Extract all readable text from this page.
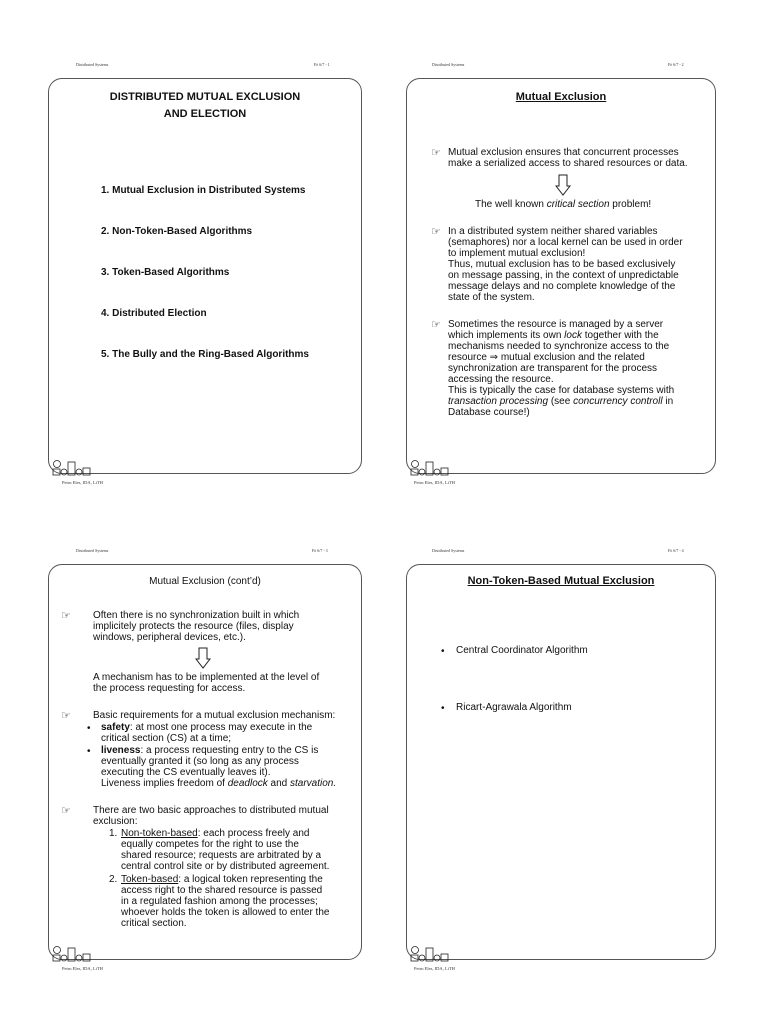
Distributed Systems	Fö 6/7 - 1
DISTRIBUTED MUTUAL EXCLUSION
AND ELECTION
1. Mutual Exclusion in Distributed Systems
2. Non-Token-Based Algorithms
3. Token-Based Algorithms
4. Distributed Election
5. The Bully and the Ring-Based Algorithms
Petru Eles, IDA, LiTH
Distributed Systems	Fö 6/7 - 2
Mutual Exclusion
☞ Mutual exclusion ensures that concurrent processes
make a serialized access to shared resources or data.
The well known critical section problem!
☞ In a distributed system neither shared variables
(semaphores) nor a local kernel can be used in order
to implement mutual exclusion!
Thus, mutual exclusion has to be based exclusively
on message passing, in the context of unpredictable
message delays and no complete knowledge of the
state of the system.
☞ Sometimes the resource is managed by a server
which implements its own lock together with the
mechanisms needed to synchronize access to the
resource ⇒ mutual exclusion and the related
synchronization are transparent for the process
accessing the resource.
This is typically the case for database systems with
transaction processing (see concurrency controll in
Database course!)
Petru Eles, IDA, LiTH
Distributed Systems	Fö 6/7 - 3
Mutual Exclusion (cont’d)
☞ Often there is no synchronization built in which
implicitely protects the resource (files, display
windows, peripheral devices, etc.).
A mechanism has to be implemented at the level of
the process requesting for access.
☞ Basic requirements for a mutual exclusion mechanism:
• safety: at most one process may execute in the
critical section (CS) at a time;
• liveness: a process requesting entry to the CS is
eventually granted it (so long as any process
executing the CS eventually leaves it).
Liveness implies freedom of deadlock and starvation.
☞ There are two basic approaches to distributed mutual
exclusion:
1. Non-token-based: each process freely and
equally competes for the right to use the
shared resource; requests are arbitrated by a
central control site or by distributed agreement.
2. Token-based: a logical token representing the
access right to the shared resource is passed
in a regulated fashion among the processes;
whoever holds the token is allowed to enter the
critical section.
Petru Eles, IDA, LiTH
Distributed Systems	Fö 6/7 - 4
Non-Token-Based Mutual Exclusion
• Central Coordinator Algorithm
• Ricart-Agrawala Algorithm
Petru Eles, IDA, LiTH
